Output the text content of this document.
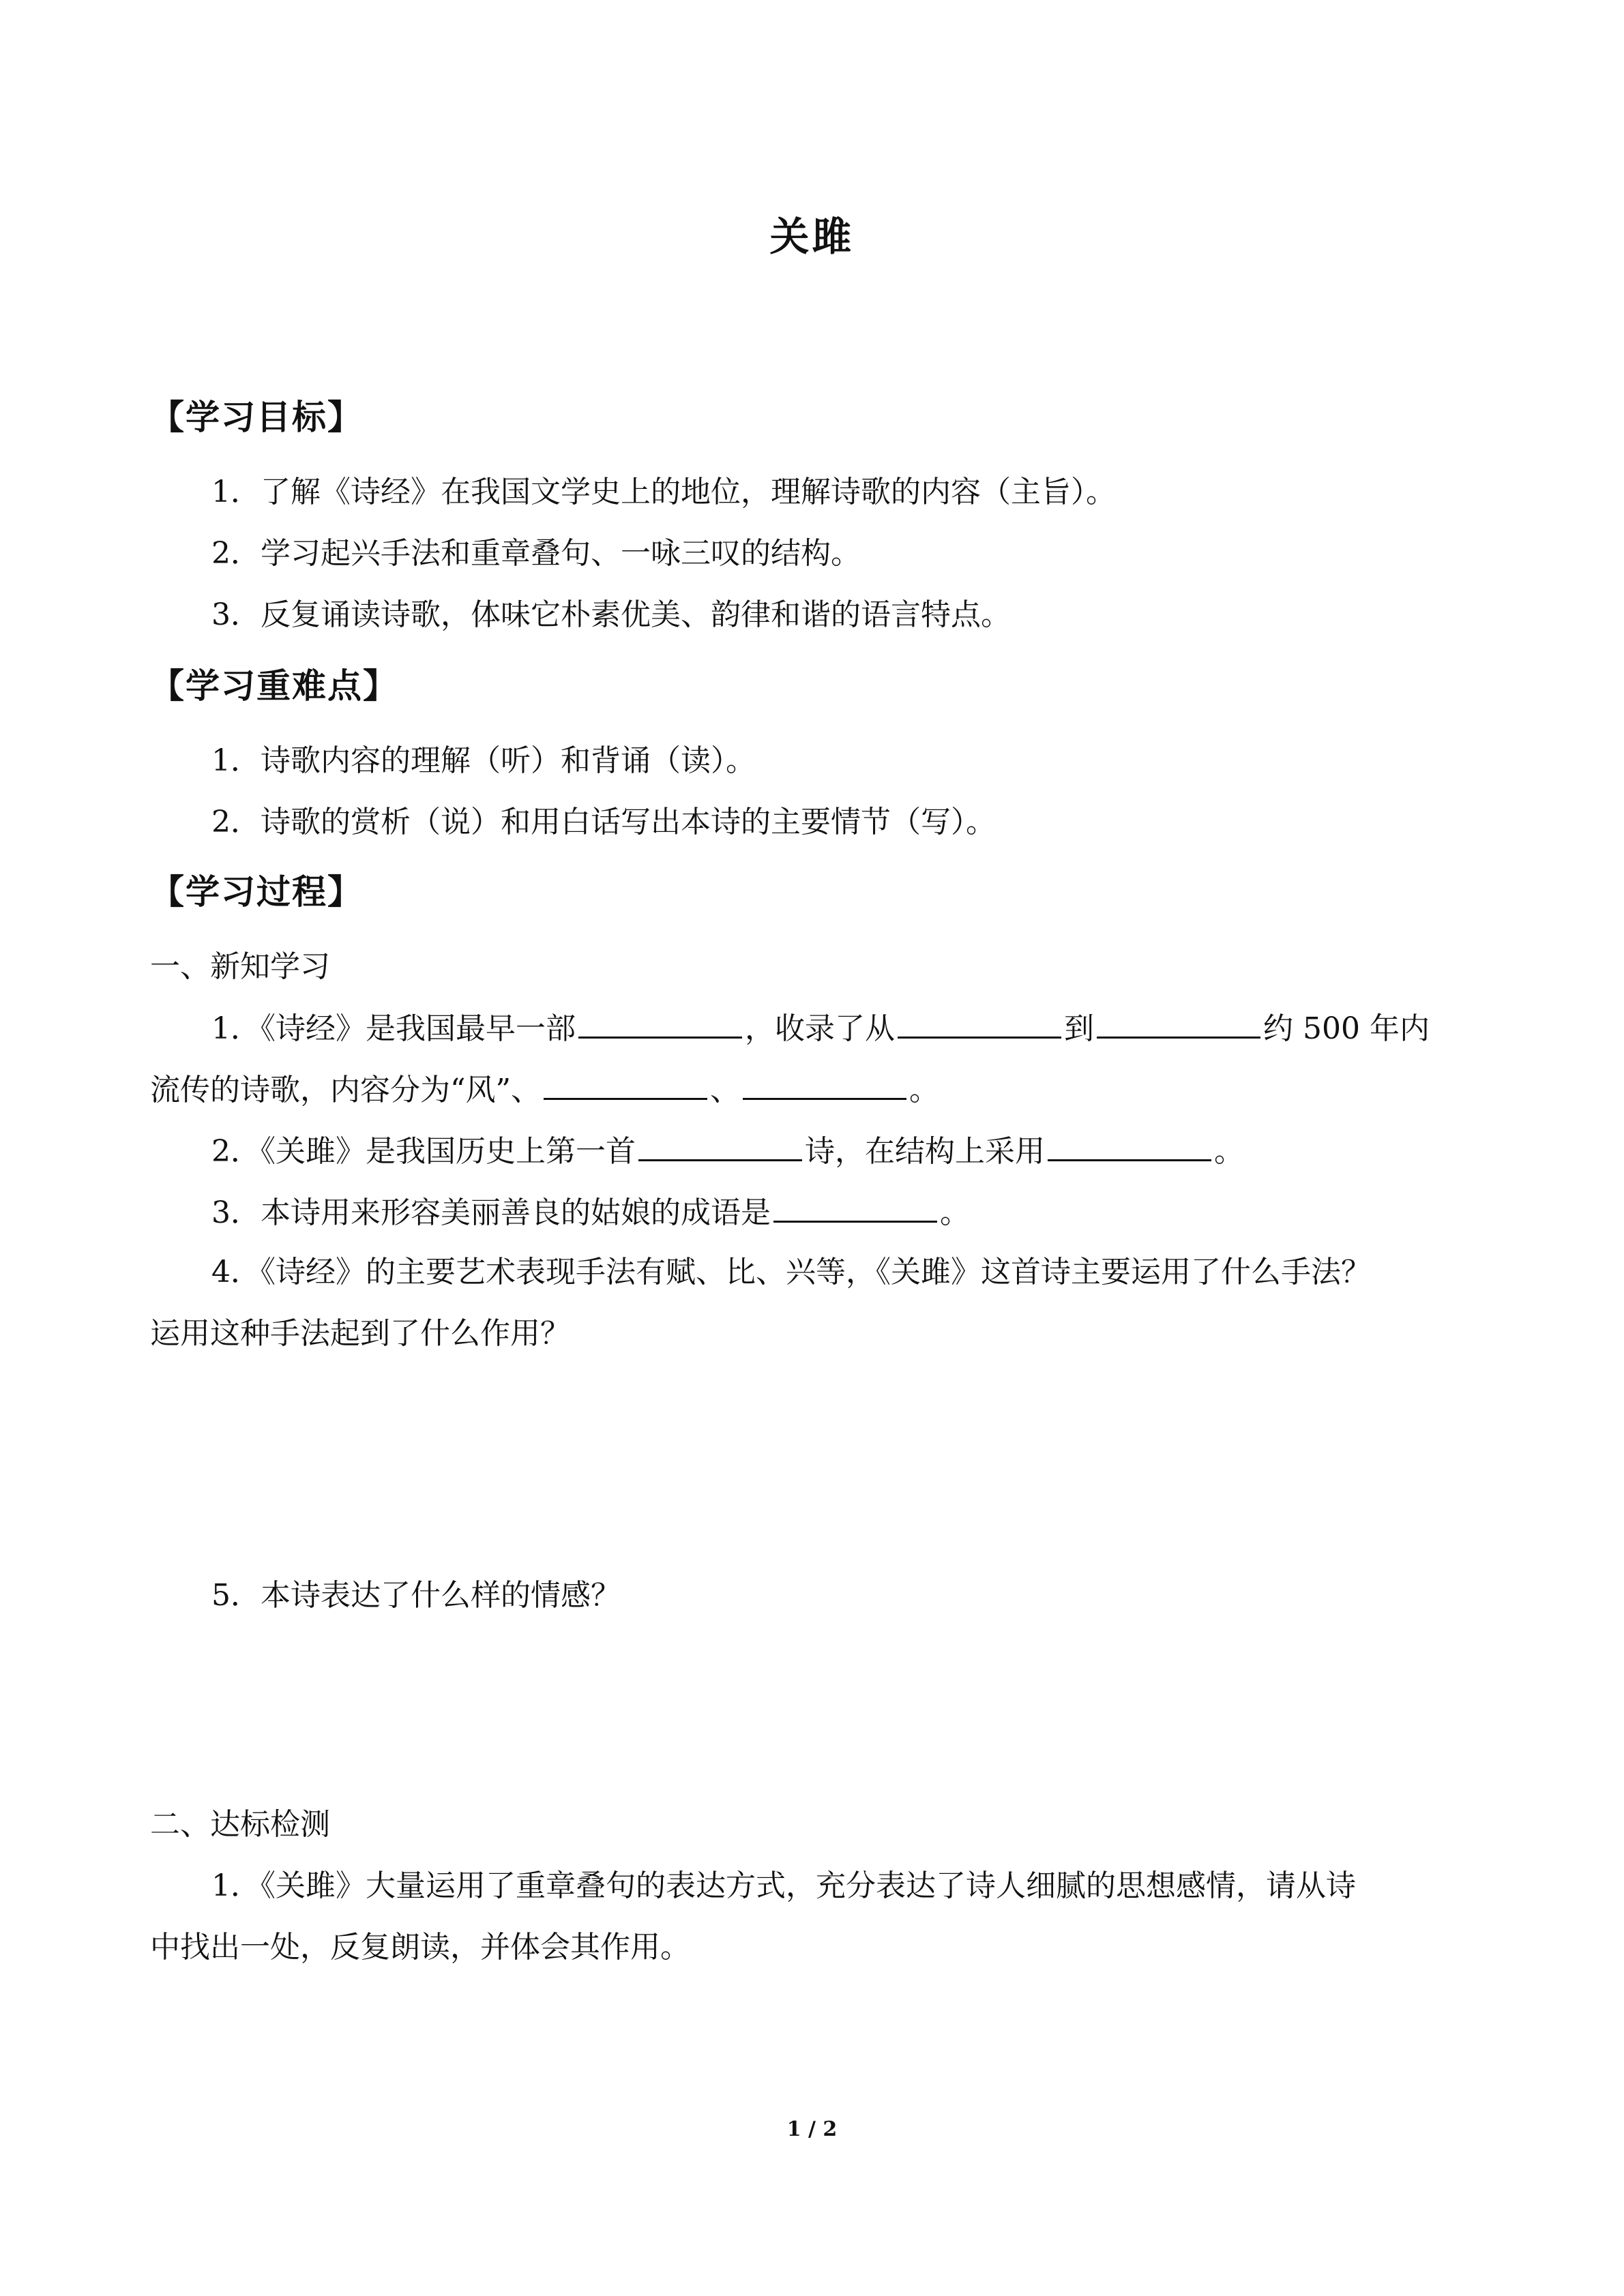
关雎
【学习目标】
1．了解《诗经》在我国文学史上的地位，理解诗歌的内容（主旨）。
2．学习起兴手法和重章叠句、一咏三叹的结构。
3．反复诵读诗歌，体味它朴素优美、韵律和谐的语言特点。
【学习重难点】
1．诗歌内容的理解（听）和背诵（读）。
2．诗歌的赏析（说）和用白话写出本诗的主要情节（写）。
【学习过程】
一、新知学习
1．《诗经》是我国最早一部	，收录了从	到	约 500 年内
流传的诗歌，内容分为“风”、	、	。
2．《关雎》是我国历史上第一首	诗，在结构上采用	。
3．本诗用来形容美丽善良的姑娘的成语是	。
4．《诗经》的主要艺术表现手法有赋、比、兴等，《关雎》这首诗主要运用了什么手法？
运用这种手法起到了什么作用？
5．本诗表达了什么样的情感？
二、达标检测
1．《关雎》大量运用了重章叠句的表达方式，充分表达了诗人细腻的思想感情，请从诗
中找出一处，反复朗读，并体会其作用。
1 / 2
